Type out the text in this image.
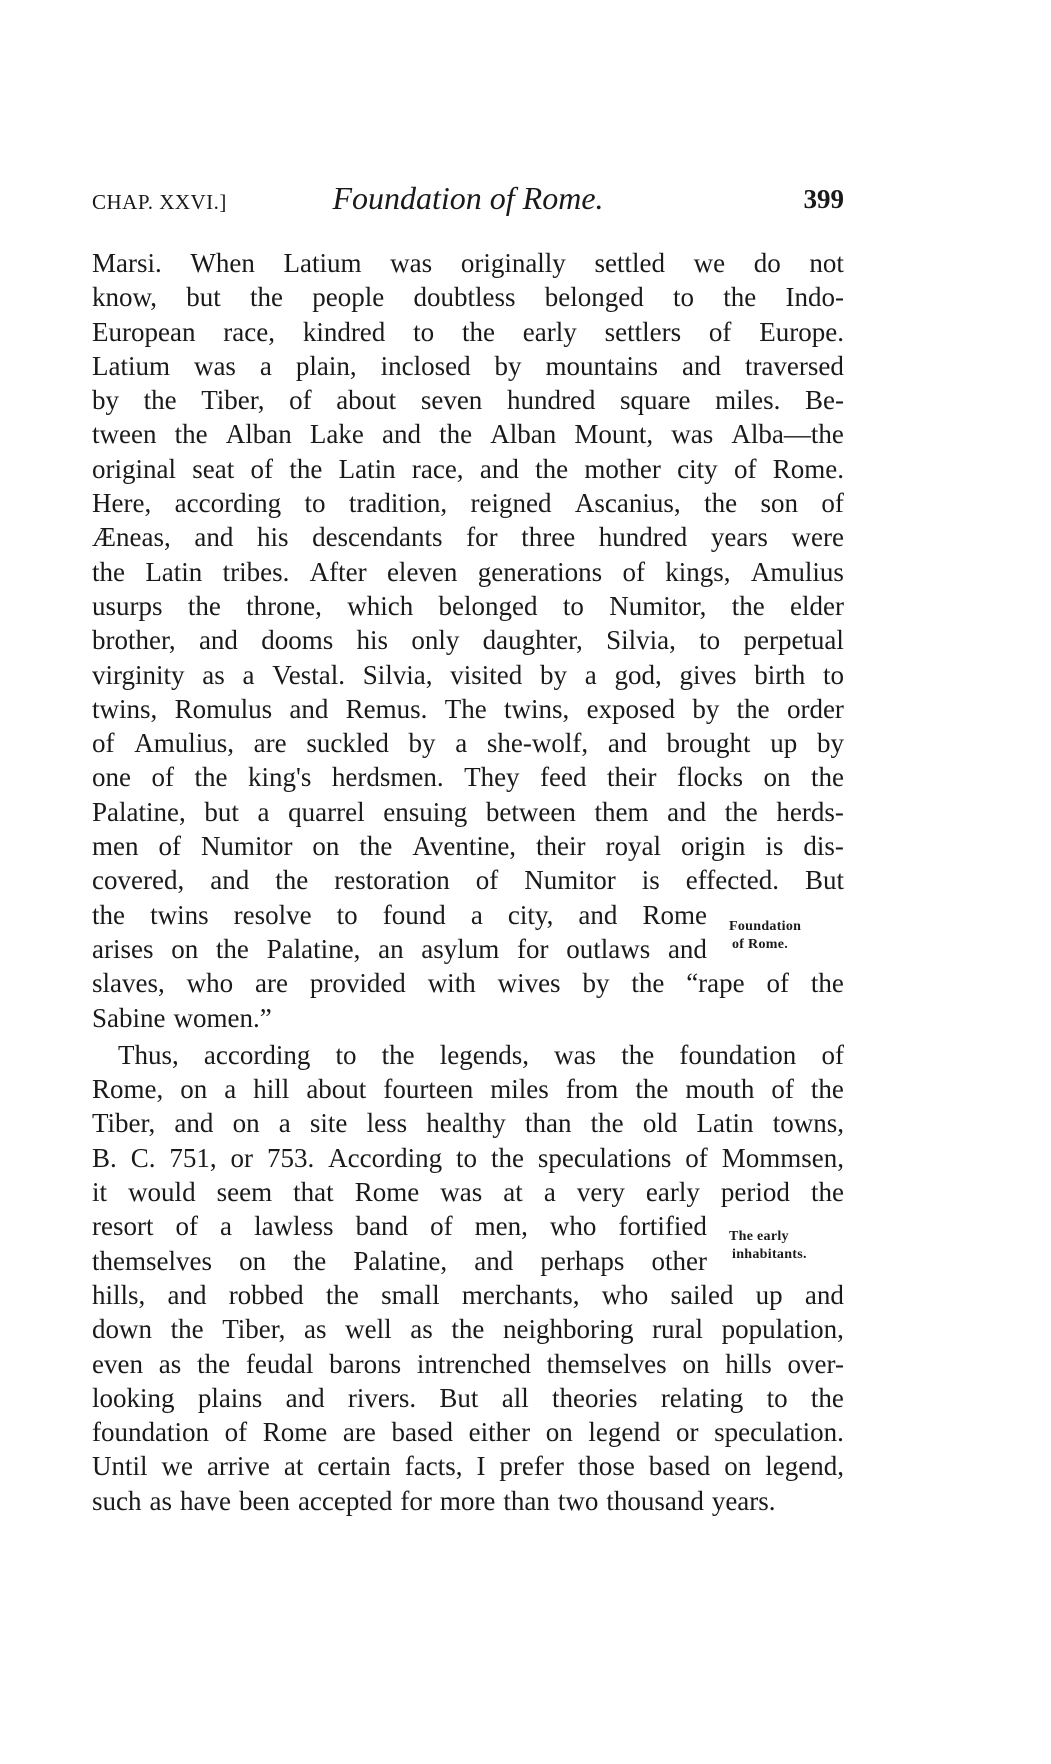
CHAP. XXVI.]	Foundation of Rome.	399
Marsi. When Latium was originally settled we do not
know, but the people doubtless belonged to the Indo-
European race, kindred to the early settlers of Europe.
Latium was a plain, inclosed by mountains and traversed
by the Tiber, of about seven hundred square miles. Be-
tween the Alban Lake and the Alban Mount, was Alba—the
original seat of the Latin race, and the mother city of Rome.
Here, according to tradition, reigned Ascanius, the son of
Æneas, and his descendants for three hundred years were
the Latin tribes. After eleven generations of kings, Amulius
usurps the throne, which belonged to Numitor, the elder
brother, and dooms his only daughter, Silvia, to perpetual
virginity as a Vestal. Silvia, visited by a god, gives birth to
twins, Romulus and Remus. The twins, exposed by the order
of Amulius, are suckled by a she-wolf, and brought up by
one of the king's herdsmen. They feed their flocks on the
Palatine, but a quarrel ensuing between them and the herds-
men of Numitor on the Aventine, their royal origin is dis-
covered, and the restoration of Numitor is effected. But
the twins resolve to found a city, and Rome
arises on the Palatine, an asylum for outlaws and
slaves, who are provided with wives by the “rape of the
Sabine women.”
Thus, according to the legends, was the foundation of
Rome, on a hill about fourteen miles from the mouth of the
Tiber, and on a site less healthy than the old Latin towns,
B. C. 751, or 753. According to the speculations of Mommsen,
it would seem that Rome was at a very early period the
resort of a lawless band of men, who fortified
themselves on the Palatine, and perhaps other
hills, and robbed the small merchants, who sailed up and
down the Tiber, as well as the neighboring rural population,
even as the feudal barons intrenched themselves on hills over-
looking plains and rivers. But all theories relating to the
foundation of Rome are based either on legend or speculation.
Until we arrive at certain facts, I prefer those based on legend,
such as have been accepted for more than two thousand years.
Foundation
of Rome.
The early
inhabitants.
